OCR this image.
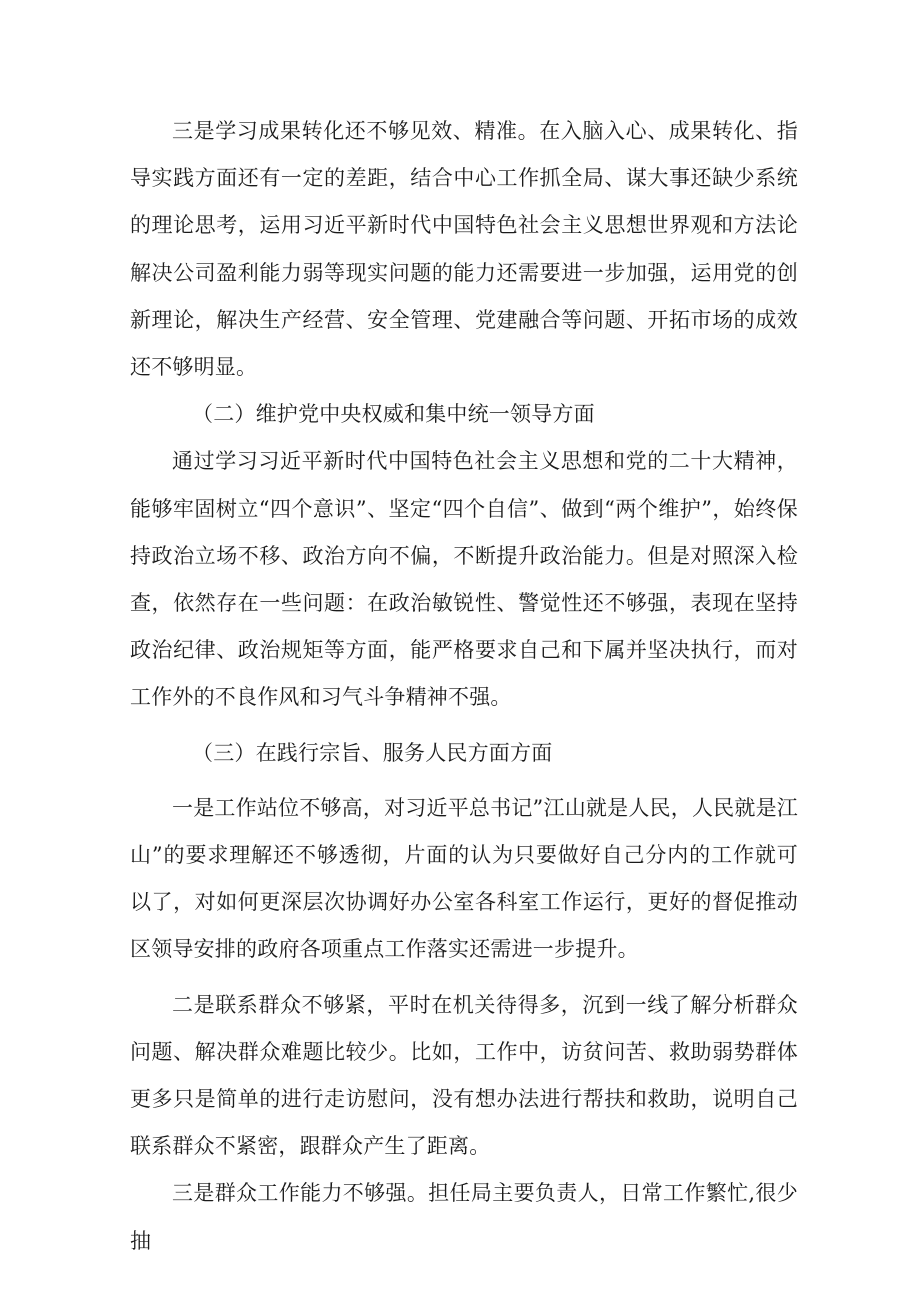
三是学习成果转化还不够见效、精准。在入脑入心、成果转化、指导实践方面还有一定的差距，结合中心工作抓全局、谋大事还缺少系统的理论思考，运用习近平新时代中国特色社会主义思想世界观和方法论解决公司盈利能力弱等现实问题的能力还需要进一步加强，运用党的创新理论，解决生产经营、安全管理、党建融合等问题、开拓市场的成效还不够明显。

（二）维护党中央权威和集中统一领导方面

通过学习习近平新时代中国特色社会主义思想和党的二十大精神，能够牢固树立“四个意识”、坚定“四个自信”、做到“两个维护”，始终保持政治立场不移、政治方向不偏，不断提升政治能力。但是对照深入检查，依然存在一些问题：在政治敏锐性、警觉性还不够强，表现在坚持政治纪律、政治规矩等方面，能严格要求自己和下属并坚决执行，而对工作外的不良作风和习气斗争精神不强。

（三）在践行宗旨、服务人民方面方面

一是工作站位不够高，对习近平总书记”江山就是人民，人民就是江山”的要求理解还不够透彻，片面的认为只要做好自己分内的工作就可以了，对如何更深层次协调好办公室各科室工作运行，更好的督促推动区领导安排的政府各项重点工作落实还需进一步提升。

二是联系群众不够紧，平时在机关待得多，沉到一线了解分析群众问题、解决群众难题比较少。比如，工作中，访贫问苦、救助弱势群体更多只是简单的进行走访慰问，没有想办法进行帮扶和救助，说明自己联系群众不紧密，跟群众产生了距离。

三是群众工作能力不够强。担任局主要负责人，日常工作繁忙,很少抽
